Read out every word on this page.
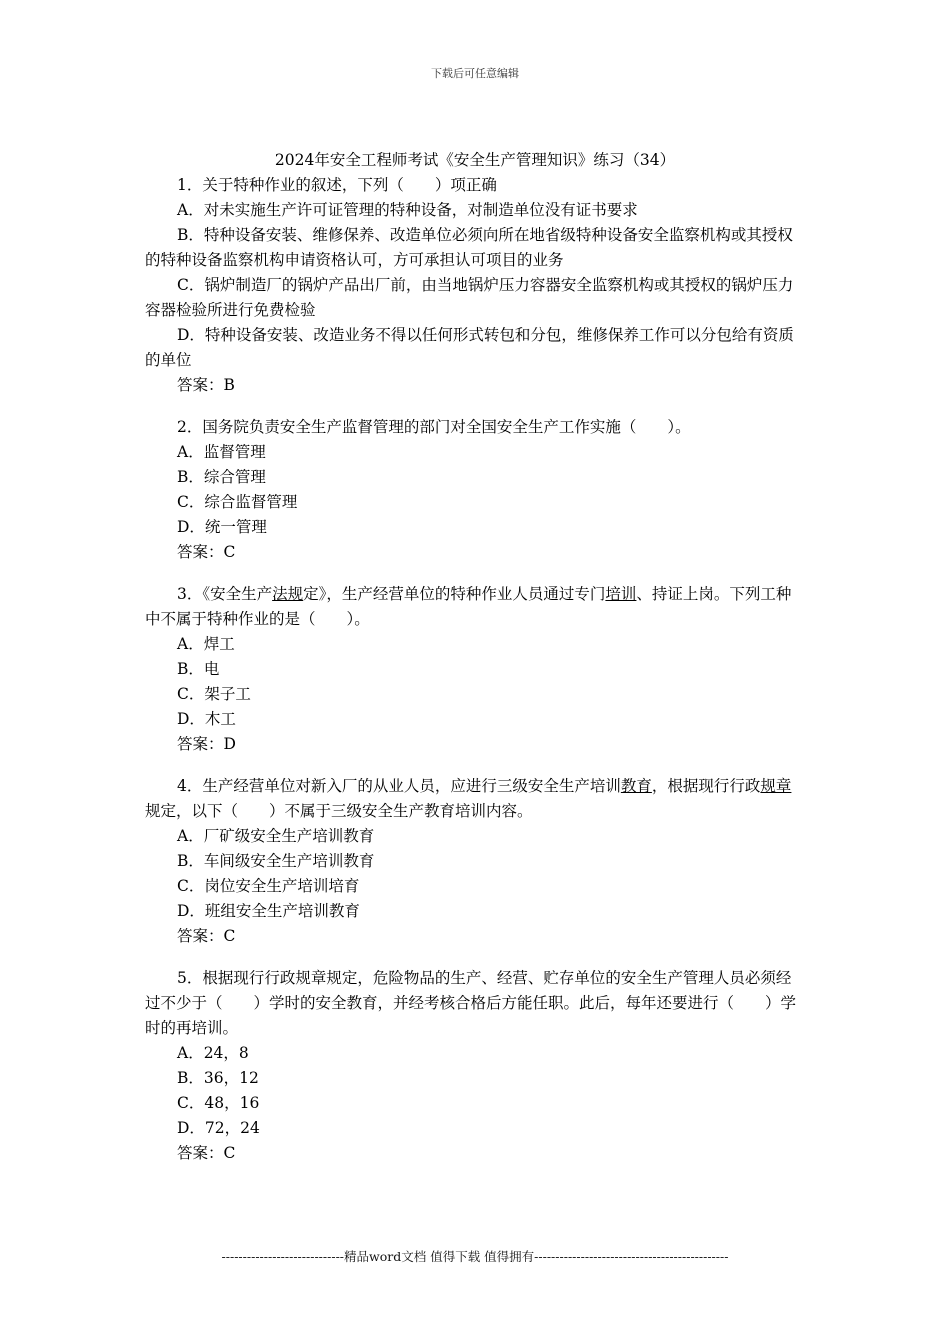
下载后可任意编辑

2024年安全工程师考试《安全生产管理知识》练习（34）

1．关于特种作业的叙述，下列（　　）项正确

A．对未实施生产许可证管理的特种设备，对制造单位没有证书要求

B．特种设备安装、维修保养、改造单位必须向所在地省级特种设备安全监察机构或其授权的特种设备监察机构申请资格认可，方可承担认可项目的业务

C．锅炉制造厂的锅炉产品出厂前，由当地锅炉压力容器安全监察机构或其授权的锅炉压力容器检验所进行免费检验

D．特种设备安装、改造业务不得以任何形式转包和分包，维修保养工作可以分包给有资质的单位

答案：B

2．国务院负责安全生产监督管理的部门对全国安全生产工作实施（　　）。

A．监督管理

B．综合管理

C．综合监督管理

D．统一管理

答案：C

3．《安全生产法规定》，生产经营单位的特种作业人员通过专门培训、持证上岗。下列工种中不属于特种作业的是（　　）。

A．焊工

B．电

C．架子工

D．木工

答案：D

4．生产经营单位对新入厂的从业人员，应进行三级安全生产培训教育，根据现行行政规章规定，以下（　　）不属于三级安全生产教育培训内容。

A．厂矿级安全生产培训教育

B．车间级安全生产培训教育

C．岗位安全生产培训培育

D．班组安全生产培训教育

答案：C

5．根据现行行政规章规定，危险物品的生产、经营、贮存单位的安全生产管理人员必须经过不少于（　　）学时的安全教育，并经考核合格后方能任职。此后，每年还要进行（　　）学时的再培训。

A．24，8

B．36，12

C．48，16

D．72，24

答案：C

-----------------------------精品word文档 值得下载 值得拥有----------------------------------------------
